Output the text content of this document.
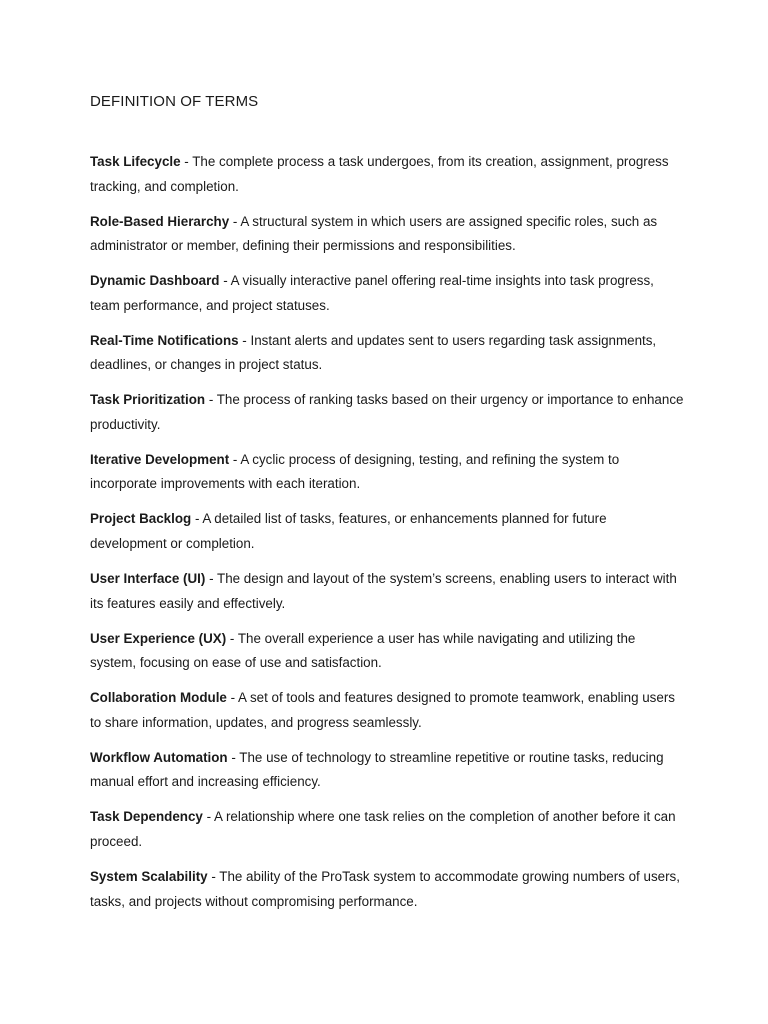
DEFINITION OF TERMS

Task Lifecycle - The complete process a task undergoes, from its creation, assignment, progress tracking, and completion.

Role-Based Hierarchy - A structural system in which users are assigned specific roles, such as administrator or member, defining their permissions and responsibilities.

Dynamic Dashboard - A visually interactive panel offering real-time insights into task progress, team performance, and project statuses.

Real-Time Notifications - Instant alerts and updates sent to users regarding task assignments, deadlines, or changes in project status.

Task Prioritization - The process of ranking tasks based on their urgency or importance to enhance productivity.

Iterative Development - A cyclic process of designing, testing, and refining the system to incorporate improvements with each iteration.

Project Backlog - A detailed list of tasks, features, or enhancements planned for future development or completion.

User Interface (UI) - The design and layout of the system’s screens, enabling users to interact with its features easily and effectively.

User Experience (UX) - The overall experience a user has while navigating and utilizing the system, focusing on ease of use and satisfaction.

Collaboration Module - A set of tools and features designed to promote teamwork, enabling users to share information, updates, and progress seamlessly.

Workflow Automation - The use of technology to streamline repetitive or routine tasks, reducing manual effort and increasing efficiency.

Task Dependency - A relationship where one task relies on the completion of another before it can proceed.

System Scalability - The ability of the ProTask system to accommodate growing numbers of users, tasks, and projects without compromising performance.
